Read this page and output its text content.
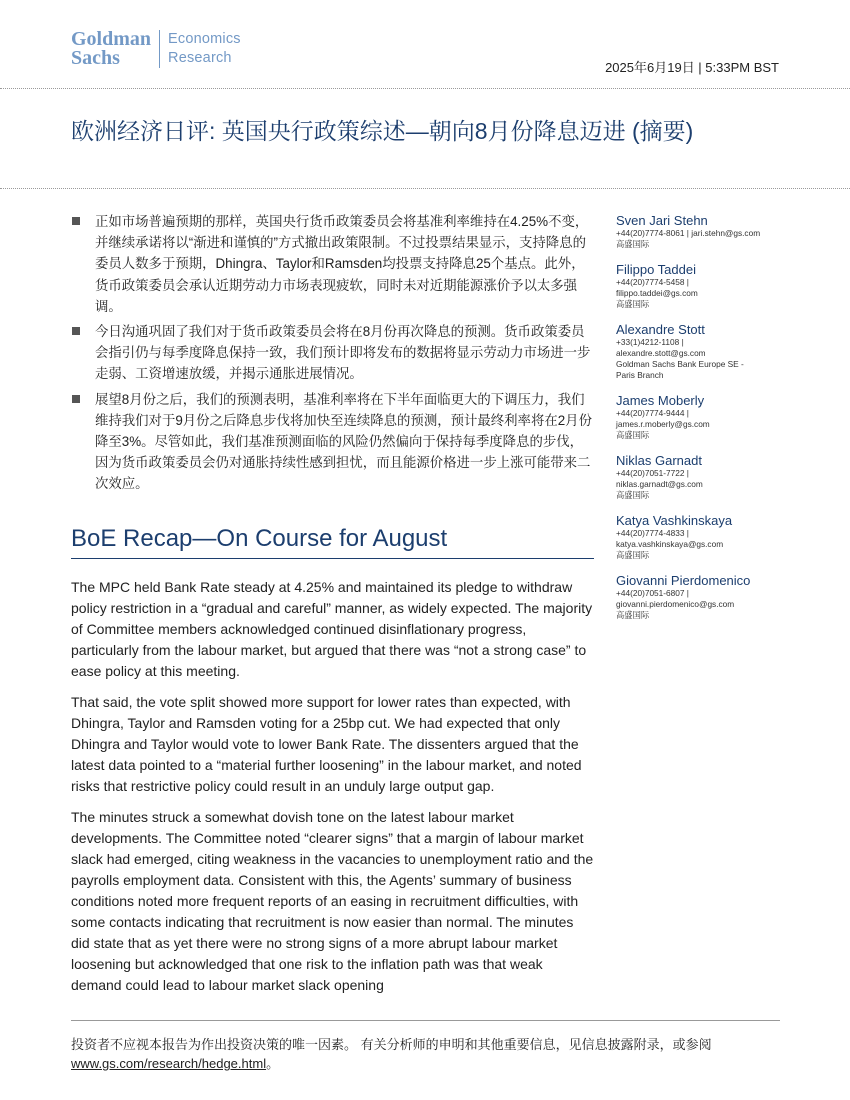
Goldman
Sachs
Economics
Research
2025年6月19日 | 5:33PM BST
欧洲经济日评: 英国央行政策综述—朝向8月份降息迈进 (摘要)
正如市场普遍预期的那样，英国央行货币政策委员会将基准利率维持在4.25%不变，并继续承诺将以“渐进和谨慎的”方式撤出政策限制。不过投票结果显示，支持降息的委员人数多于预期，Dhingra、Taylor和Ramsden均投票支持降息25个基点。此外，货币政策委员会承认近期劳动力市场表现疲软，同时未对近期能源涨价予以太多强调。
今日沟通巩固了我们对于货币政策委员会将在8月份再次降息的预测。货币政策委员会指引仍与每季度降息保持一致，我们预计即将发布的数据将显示劳动力市场进一步走弱、工资增速放缓，并揭示通胀进展情况。
展望8月份之后，我们的预测表明，基准利率将在下半年面临更大的下调压力，我们维持我们对于9月份之后降息步伐将加快至连续降息的预测，预计最终利率将在2月份降至3%。尽管如此，我们基准预测面临的风险仍然偏向于保持每季度降息的步伐，因为货币政策委员会仍对通胀持续性感到担忧，而且能源价格进一步上涨可能带来二次效应。
BoE Recap—On Course for August

The MPC held Bank Rate steady at 4.25% and maintained its pledge to withdraw policy restriction in a “gradual and careful” manner, as widely expected. The majority of Committee members acknowledged continued disinflationary progress, particularly from the labour market, but argued that there was “not a strong case” to ease policy at this meeting.

That said, the vote split showed more support for lower rates than expected, with Dhingra, Taylor and Ramsden voting for a 25bp cut. We had expected that only Dhingra and Taylor would vote to lower Bank Rate. The dissenters argued that the latest data pointed to a “material further loosening” in the labour market, and noted risks that restrictive policy could result in an unduly large output gap.

The minutes struck a somewhat dovish tone on the latest labour market developments. The Committee noted “clearer signs” that a margin of labour market slack had emerged, citing weakness in the vacancies to unemployment ratio and the payrolls employment data. Consistent with this, the Agents’ summary of business conditions noted more frequent reports of an easing in recruitment difficulties, with some contacts indicating that recruitment is now easier than normal. The minutes did state that as yet there were no strong signs of a more abrupt labour market loosening but acknowledged that one risk to the inflation path was that weak demand could lead to labour market slack opening

Sven Jari Stehn
+44(20)7774-8061 | jari.stehn@gs.com
高盛国际
Filippo Taddei
+44(20)7774-5458 |
filippo.taddei@gs.com
高盛国际
Alexandre Stott
+33(1)4212-1108 |
alexandre.stott@gs.com
Goldman Sachs Bank Europe SE -
Paris Branch
James Moberly
+44(20)7774-9444 |
james.r.moberly@gs.com
高盛国际
Niklas Garnadt
+44(20)7051-7722 |
niklas.garnadt@gs.com
高盛国际
Katya Vashkinskaya
+44(20)7774-4833 |
katya.vashkinskaya@gs.com
高盛国际
Giovanni Pierdomenico
+44(20)7051-6807 |
giovanni.pierdomenico@gs.com
高盛国际
投资者不应视本报告为作出投资决策的唯一因素。 有关分析师的申明和其他重要信息，见信息披露附录，或参阅www.gs.com/research/hedge.html。
